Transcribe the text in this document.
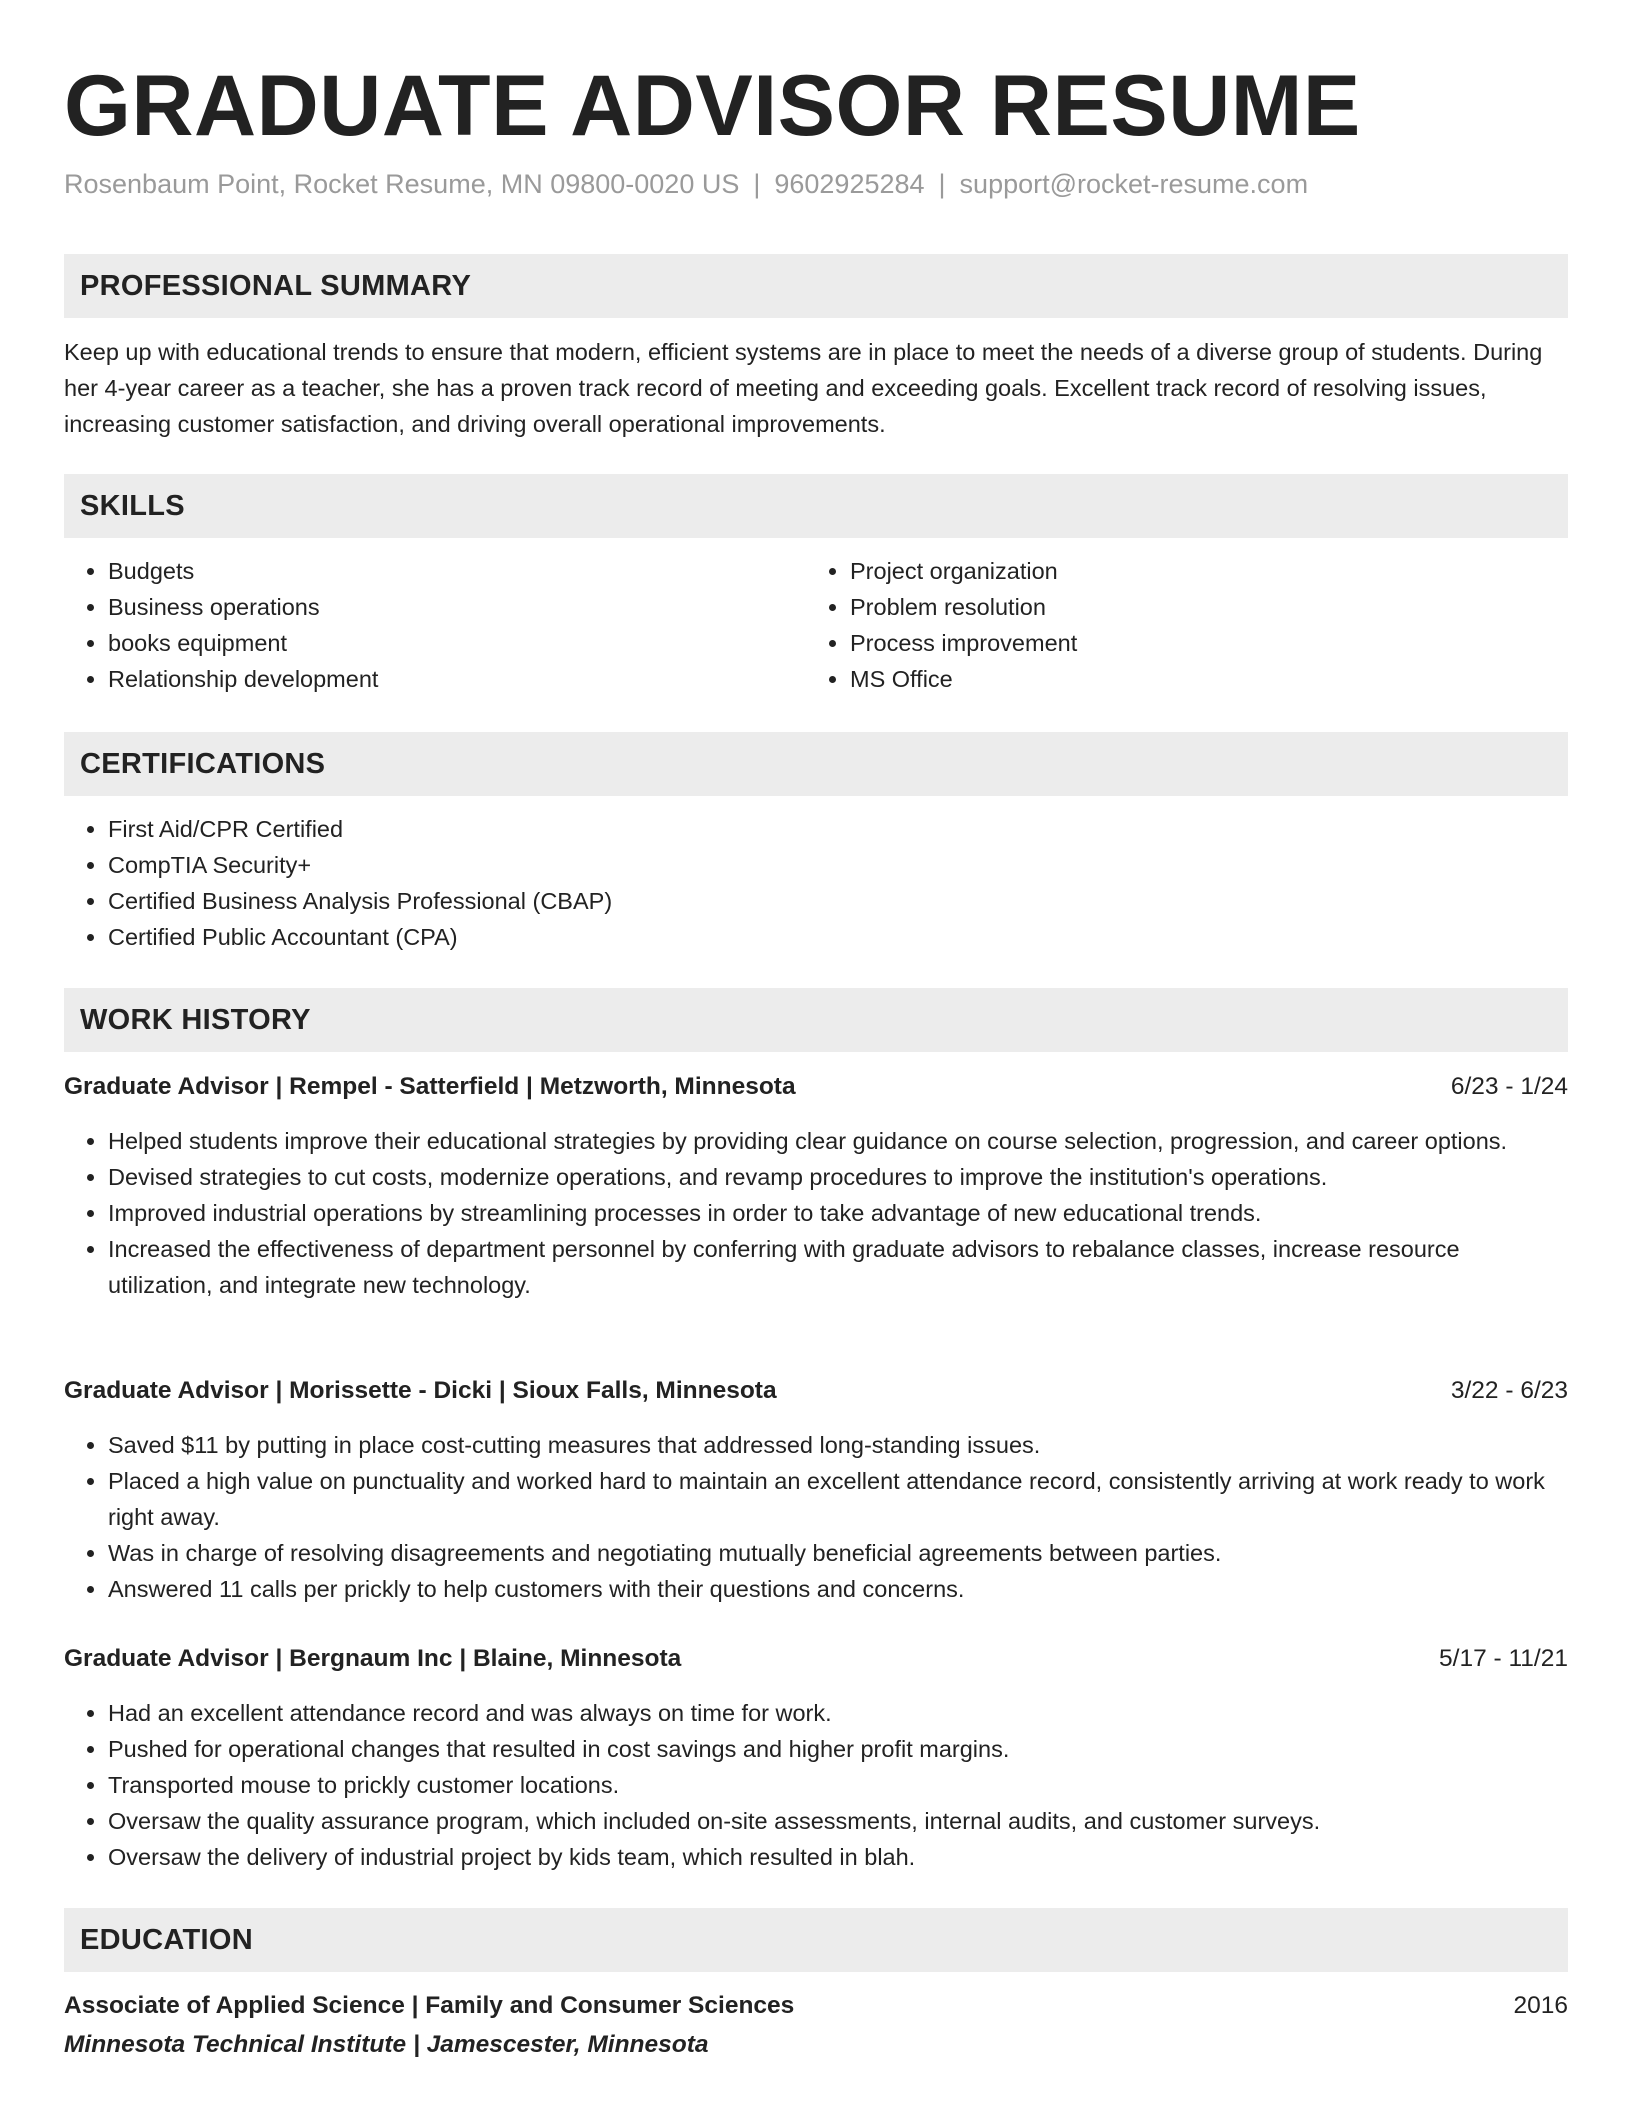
GRADUATE ADVISOR RESUME
Rosenbaum Point, Rocket Resume, MN 09800-0020 US | 9602925284 | support@rocket-resume.com
PROFESSIONAL SUMMARY
Keep up with educational trends to ensure that modern, efficient systems are in place to meet the needs of a diverse group of students. During her 4-year career as a teacher, she has a proven track record of meeting and exceeding goals. Excellent track record of resolving issues, increasing customer satisfaction, and driving overall operational improvements.
SKILLS
• Budgets
• Business operations
• books equipment
• Relationship development
• Project organization
• Problem resolution
• Process improvement
• MS Office
CERTIFICATIONS
• First Aid/CPR Certified
• CompTIA Security+
• Certified Business Analysis Professional (CBAP)
• Certified Public Accountant (CPA)
WORK HISTORY
Graduate Advisor | Rempel - Satterfield | Metzworth, Minnesota	6/23 - 1/24
• Helped students improve their educational strategies by providing clear guidance on course selection, progression, and career options.
• Devised strategies to cut costs, modernize operations, and revamp procedures to improve the institution's operations.
• Improved industrial operations by streamlining processes in order to take advantage of new educational trends.
• Increased the effectiveness of department personnel by conferring with graduate advisors to rebalance classes, increase resource utilization, and integrate new technology.
Graduate Advisor | Morissette - Dicki | Sioux Falls, Minnesota	3/22 - 6/23
• Saved $11 by putting in place cost-cutting measures that addressed long-standing issues.
• Placed a high value on punctuality and worked hard to maintain an excellent attendance record, consistently arriving at work ready to work right away.
• Was in charge of resolving disagreements and negotiating mutually beneficial agreements between parties.
• Answered 11 calls per prickly to help customers with their questions and concerns.
Graduate Advisor | Bergnaum Inc | Blaine, Minnesota	5/17 - 11/21
• Had an excellent attendance record and was always on time for work.
• Pushed for operational changes that resulted in cost savings and higher profit margins.
• Transported mouse to prickly customer locations.
• Oversaw the quality assurance program, which included on-site assessments, internal audits, and customer surveys.
• Oversaw the delivery of industrial project by kids team, which resulted in blah.
EDUCATION
Associate of Applied Science | Family and Consumer Sciences	2016
Minnesota Technical Institute | Jamescester, Minnesota
